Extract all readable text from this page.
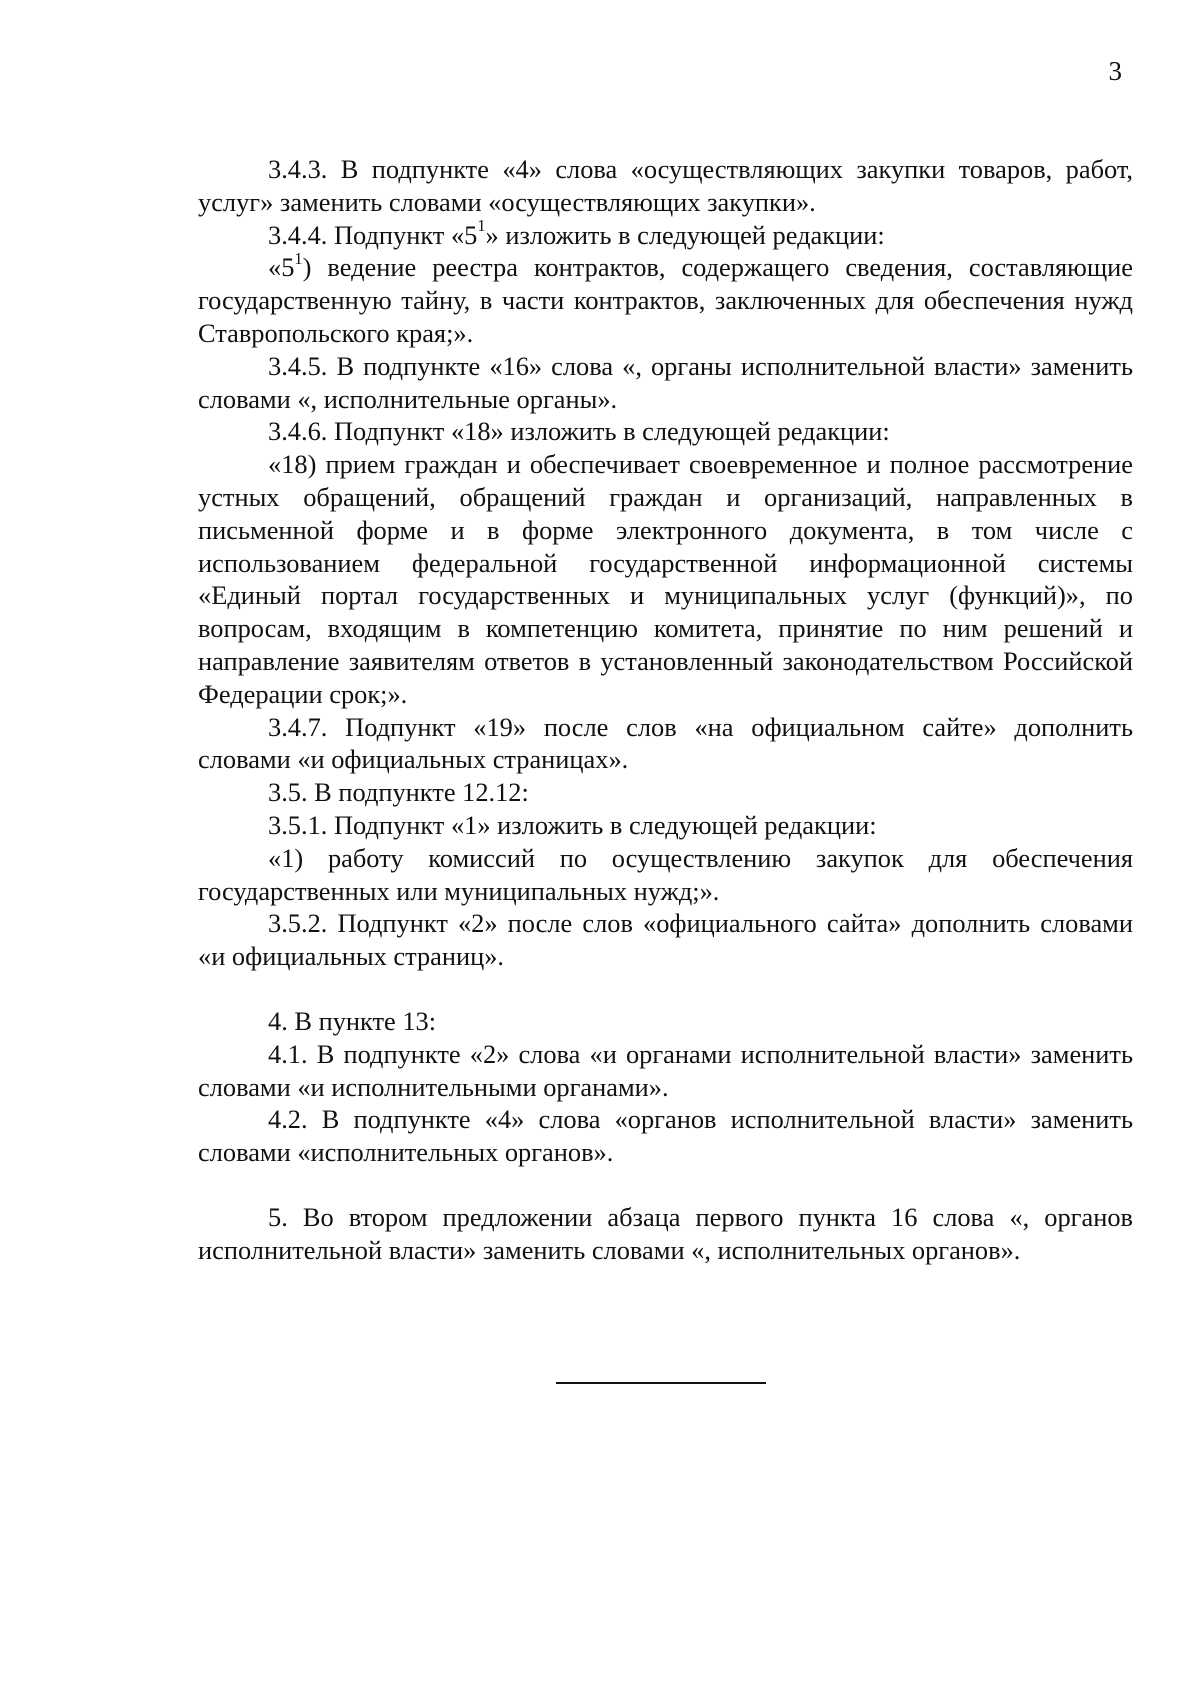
3

3.4.3. В подпункте «4» слова «осуществляющих закупки товаров, работ, услуг» заменить словами «осуществляющих закупки».

3.4.4. Подпункт «$5^1$» изложить в следующей редакции:

«$5^1$) ведение реестра контрактов, содержащего сведения, составляющие государственную тайну, в части контрактов, заключенных для обеспечения нужд Ставропольского края;».

3.4.5. В подпункте «16» слова «, органы исполнительной власти» заменить словами «, исполнительные органы».

3.4.6. Подпункт «18» изложить в следующей редакции:

«18) прием граждан и обеспечивает своевременное и полное рассмотрение устных обращений, обращений граждан и организаций, направленных в письменной форме и в форме электронного документа, в том числе с использованием федеральной государственной информационной системы «Единый портал государственных и муниципальных услуг (функций)», по вопросам, входящим в компетенцию комитета, принятие по ним решений и направление заявителям ответов в установленный законодательством Российской Федерации срок;».

3.4.7. Подпункт «19» после слов «на официальном сайте» дополнить словами «и официальных страницах».

3.5. В подпункте 12.12:

3.5.1. Подпункт «1» изложить в следующей редакции:

«1) работу комиссий по осуществлению закупок для обеспечения государственных или муниципальных нужд;».

3.5.2. Подпункт «2» после слов «официального сайта» дополнить словами «и официальных страниц».

4. В пункте 13:

4.1. В подпункте «2» слова «и органами исполнительной власти» заменить словами «и исполнительными органами».

4.2. В подпункте «4» слова «органов исполнительной власти» заменить словами «исполнительных органов».

5. Во втором предложении абзаца первого пункта 16 слова «, органов исполнительной власти» заменить словами «, исполнительных органов».
